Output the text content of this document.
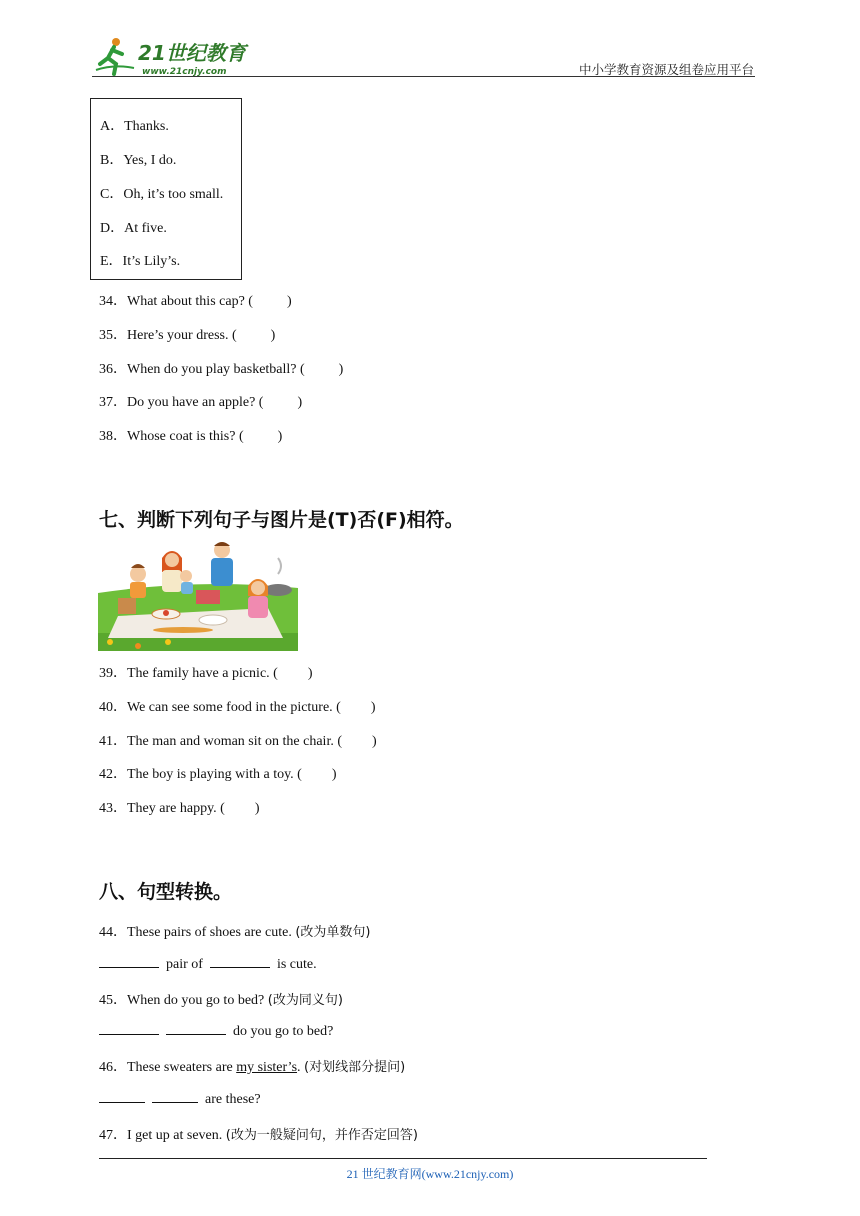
21世纪教育
www.21cnjy.com	中小学教育资源及组卷应用平台
A．Thanks.
B．Yes, I do.
C．Oh, it’s too small.
D．At five.
E．It’s Lily’s.
34．What about this cap? ( )
35．Here’s your dress. ( )
36．When do you play basketball? ( )
37．Do you have an apple? ( )
38．Whose coat is this? ( )
七、判断下列句子与图片是(T)否(F)相符。
39．The family have a picnic. ( )
40．We can see some food in the picture. ( )
41．The man and woman sit on the chair. ( )
42．The boy is playing with a toy. ( )
43．They are happy. ( )
八、句型转换。
44．These pairs of shoes are cute. (改为单数句)
pair of	is cute.
45．When do you go to bed? (改为同义句)
do you go to bed?
46．These sweaters are my sister’s. (对划线部分提问)
are these?
47．I get up at seven. (改为一般疑问句，并作否定回答)
21 世纪教育网(www.21cnjy.com)
